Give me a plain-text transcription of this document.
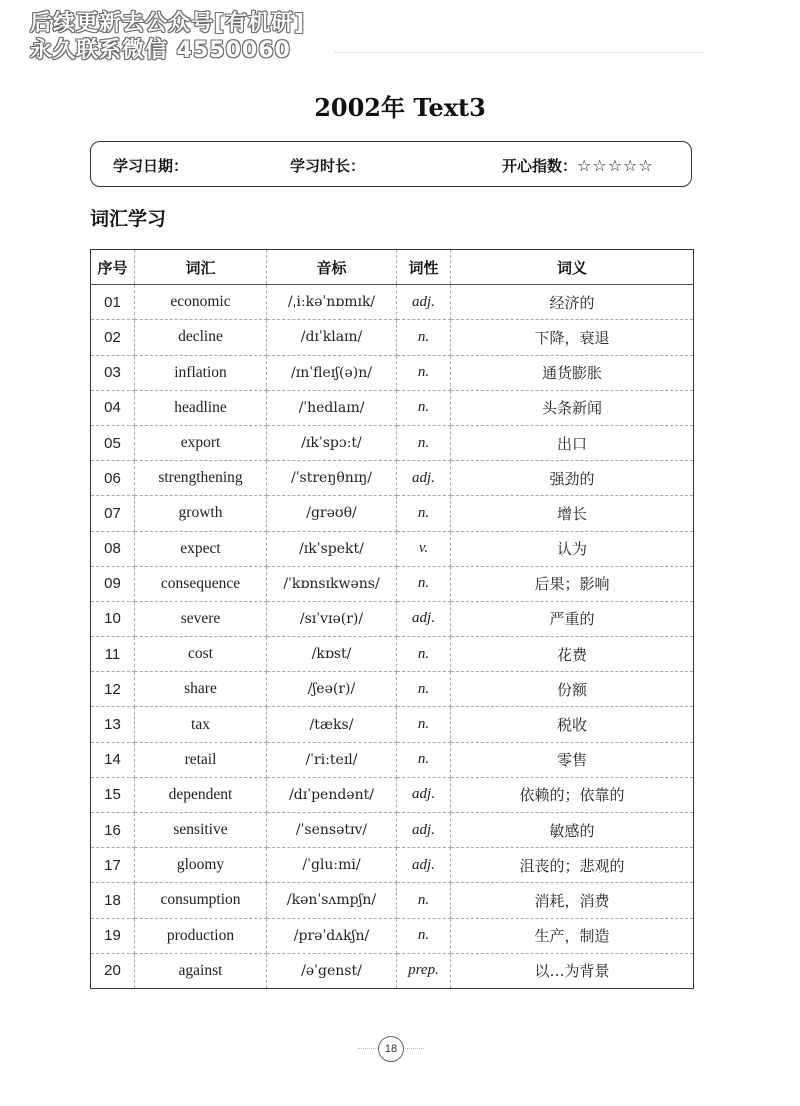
后续更新去公众号[有机研]
永久联系微信 4550060
2002年 Text3
学习日期：	学习时长：	开心指数：☆☆☆☆☆
词汇学习
序号	词汇	音标	词性	词义
01	economic	/ˌiːkəˈnɒmɪk/	adj.	经济的
02	decline	/dɪˈklaɪn/	n.	下降，衰退
03	inflation	/ɪnˈfleɪʃ(ə)n/	n.	通货膨胀
04	headline	/ˈhedlaɪn/	n.	头条新闻
05	export	/ɪkˈspɔːt/	n.	出口
06	strengthening	/ˈstreŋθnɪŋ/	adj.	强劲的
07	growth	/grəʊθ/	n.	增长
08	expect	/ɪkˈspekt/	v.	认为
09	consequence	/ˈkɒnsɪkwəns/	n.	后果；影响
10	severe	/sɪˈvɪə(r)/	adj.	严重的
11	cost	/kɒst/	n.	花费
12	share	/ʃeə(r)/	n.	份额
13	tax	/tæks/	n.	税收
14	retail	/ˈriːteɪl/	n.	零售
15	dependent	/dɪˈpendənt/	adj.	依赖的；依靠的
16	sensitive	/ˈsensətɪv/	adj.	敏感的
17	gloomy	/ˈgluːmi/	adj.	沮丧的；悲观的
18	consumption	/kənˈsʌmpʃn/	n.	消耗，消费
19	production	/prəˈdʌkʃn/	n.	生产，制造
20	against	/əˈgenst/	prep.	以…为背景
18
